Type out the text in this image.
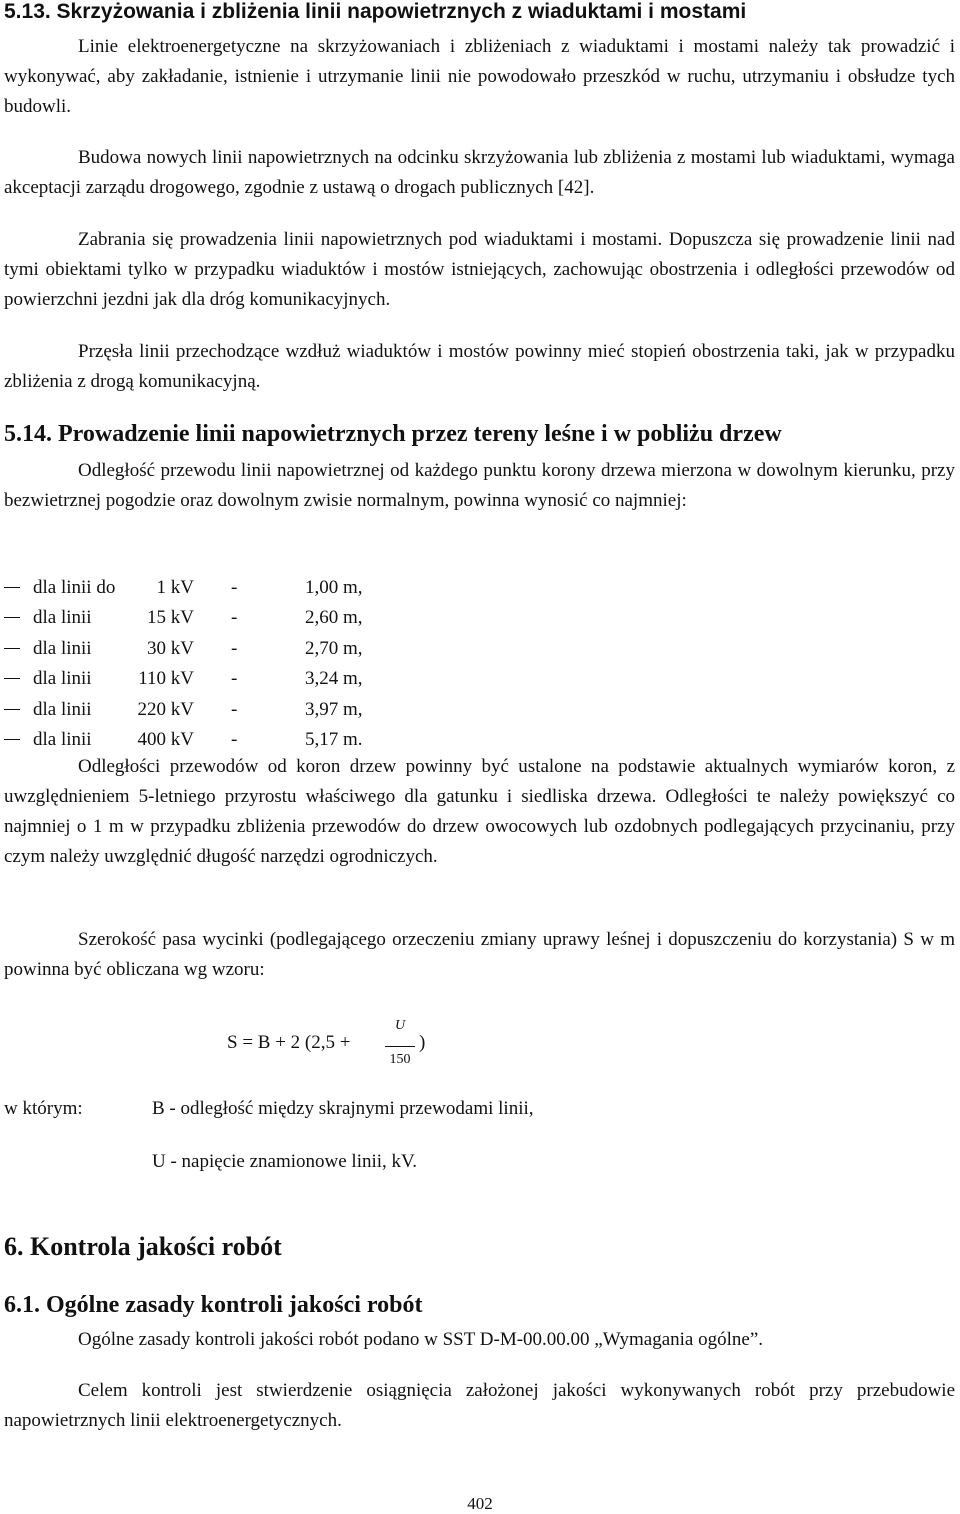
5.13. Skrzyżowania i zbliżenia linii napowietrznych z wiaduktami i mostami

Linie elektroenergetyczne na skrzyżowaniach i zbliżeniach z wiaduktami i mostami należy tak prowadzić i wykonywać, aby zakładanie, istnienie i utrzymanie linii nie powodowało przeszkód w ruchu, utrzymaniu i obsłudze tych budowli.

Budowa nowych linii napowietrznych na odcinku skrzyżowania lub zbliżenia z mostami lub wiaduktami, wymaga akceptacji zarządu drogowego, zgodnie z ustawą o drogach publicznych [42].

Zabrania się prowadzenia linii napowietrznych pod wiaduktami i mostami. Dopuszcza się prowadzenie linii nad tymi obiektami tylko w przypadku wiaduktów i mostów istniejących, zachowując obostrzenia i odległości przewodów od powierzchni jezdni jak dla dróg komunikacyjnych.

Przęsła linii przechodzące wzdłuż wiaduktów i mostów powinny mieć stopień obostrzenia taki, jak w przypadku zbliżenia z drogą komunikacyjną.

5.14. Prowadzenie linii napowietrznych przez tereny leśne i w pobliżu drzew

Odległość przewodu linii napowietrznej od każdego punktu korony drzewa mierzona w dowolnym kierunku, przy bezwietrznej pogodzie oraz dowolnym zwisie normalnym, powinna wynosić co najmniej:

dla linii do 1 kV -	1,00 m,
dla linii	15 kV -	2,60 m,
dla linii	30 kV -	2,70 m,
dla linii 110 kV -	3,24 m,
dla linii 220 kV -	3,97 m,
dla linii 400 kV -	5,17 m.

Odległości przewodów od koron drzew powinny być ustalone na podstawie aktualnych wymiarów koron, z uwzględnieniem 5-letniego przyrostu właściwego dla gatunku i siedliska drzewa. Odległości te należy powiększyć co najmniej o 1 m w przypadku zbliżenia przewodów do drzew owocowych lub ozdobnych podlegających przycinaniu, przy czym należy uwzględnić długość narzędzi ogrodniczych.

Szerokość pasa wycinki (podlegającego orzeczeniu zmiany uprawy leśnej i dopuszczeniu do korzystania) S w m powinna być obliczana wg wzoru:

S = B + 2 (2,5 +
U
150
)
w którym:	B - odległość między skrajnymi przewodami linii,
U - napięcie znamionowe linii, kV.
6. Kontrola jakości robót
6.1. Ogólne zasady kontroli jakości robót

Ogólne zasady kontroli jakości robót podano w SST D-M-00.00.00 „Wymagania ogólne”.

Celem kontroli jest stwierdzenie osiągnięcia założonej jakości wykonywanych robót przy przebudowie napowietrznych linii elektroenergetycznych.

402
